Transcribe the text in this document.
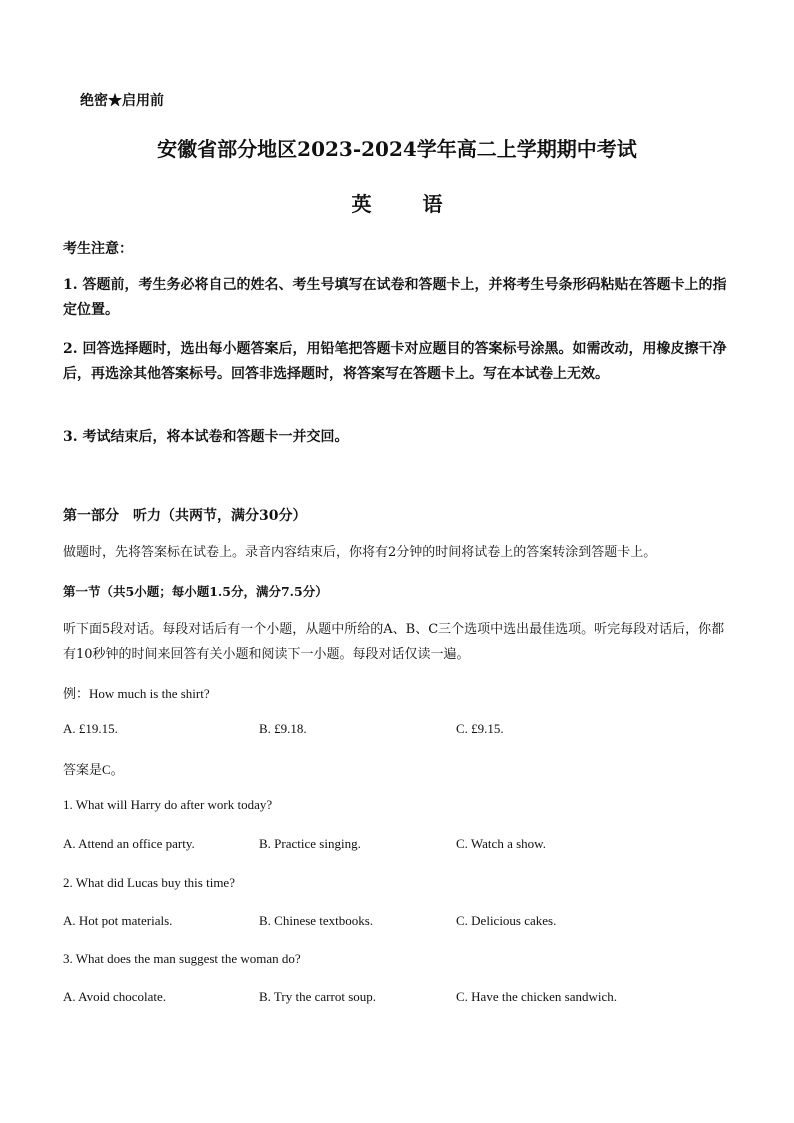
绝密★启用前
安徽省部分地区2023-2024学年高二上学期期中考试
英 语
考生注意：
1. 答题前，考生务必将自己的姓名、考生号填写在试卷和答题卡上，并将考生号条形码粘贴在答题卡上的指定位置。
2. 回答选择题时，选出每小题答案后，用铅笔把答题卡对应题目的答案标号涂黑。如需改动，用橡皮擦干净后，再选涂其他答案标号。回答非选择题时，将答案写在答题卡上。写在本试卷上无效。
3. 考试结束后，将本试卷和答题卡一并交回。
第一部分　听力（共两节，满分30分）
做题时，先将答案标在试卷上。录音内容结束后，你将有2分钟的时间将试卷上的答案转涂到答题卡上。
第一节（共5小题；每小题1.5分，满分7.5分）
听下面5段对话。每段对话后有一个小题，从题中所给的A、B、C三个选项中选出最佳选项。听完每段对话后，你都有10秒钟的时间来回答有关小题和阅读下一小题。每段对话仅读一遍。
例：How much is the shirt?
A. £19.15.	B. £9.18.	C. £9.15.
答案是C。
1. What will Harry do after work today?
A. Attend an office party.	B. Practice singing.	C. Watch a show.
2. What did Lucas buy this time?
A. Hot pot materials.	B. Chinese textbooks.	C. Delicious cakes.
3. What does the man suggest the woman do?
A. Avoid chocolate.	B. Try the carrot soup.	C. Have the chicken sandwich.
